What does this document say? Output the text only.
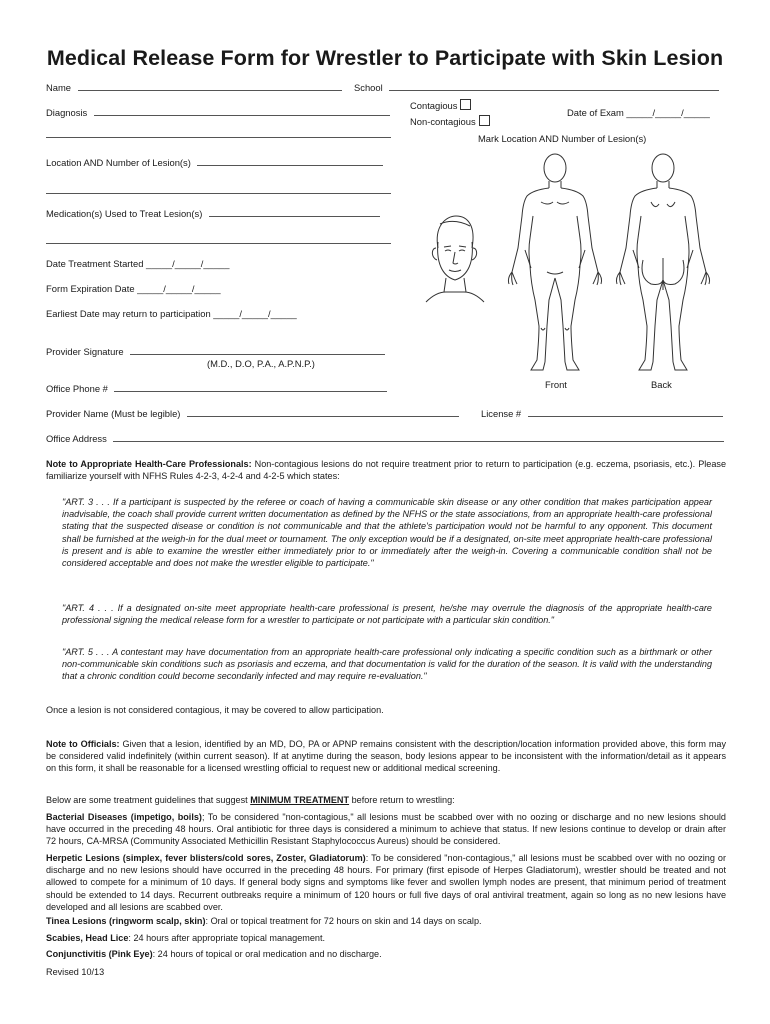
Medical Release Form for Wrestler to Participate with Skin Lesion
Name	School
Diagnosis
Contagious
Non-contagious
Date of Exam _____/_____/_____
Mark Location AND Number of Lesion(s)
Location AND Number of Lesion(s)
Medication(s) Used to Treat Lesion(s)
Date Treatment Started _____/_____/_____
Form Expiration Date _____/_____/_____
Earliest Date may return to participation _____/_____/_____
Provider Signature
(M.D., D.O, P.A., A.P.N.P.)
Office Phone #	Front	Back
Provider Name (Must be legible)	License #
Office Address
Note to Appropriate Health-Care Professionals: Non-contagious lesions do not require treatment prior to return to participation (e.g. eczema, psoriasis, etc.). Please familiarize yourself with NFHS Rules 4-2-3, 4-2-4 and 4-2-5 which states:
"ART. 3 . . . If a participant is suspected by the referee or coach of having a communicable skin disease or any other condition that makes participation appear inadvisable, the coach shall provide current written documentation as defined by the NFHS or the state associations, from an appropriate health-care professional stating that the suspected disease or condition is not communicable and that the athlete's participation would not be harmful to any opponent. This document shall be furnished at the weigh-in for the dual meet or tournament. The only exception would be if a designated, on-site meet appropriate health-care professional is present and is able to examine the wrestler either immediately prior to or immediately after the weigh-in. Covering a communicable condition shall not be considered acceptable and does not make the wrestler eligible to participate."
"ART. 4 . . . If a designated on-site meet appropriate health-care professional is present, he/she may overrule the diagnosis of the appropriate health-care professional signing the medical release form for a wrestler to participate or not participate with a particular skin condition."
"ART. 5 . . . A contestant may have documentation from an appropriate health-care professional only indicating a specific condition such as a birthmark or other non-communicable skin conditions such as psoriasis and eczema, and that documentation is valid for the duration of the season. It is valid with the understanding that a chronic condition could become secondarily infected and may require re-evaluation."
Once a lesion is not considered contagious, it may be covered to allow participation.
Note to Officials: Given that a lesion, identified by an MD, DO, PA or APNP remains consistent with the description/location information provided above, this form may be considered valid indefinitely (within current season). If at anytime during the season, body lesions appear to be inconsistent with the information/detail as it appears on this form, it shall be reasonable for a licensed wrestling official to request new or additional medical screening.
Below are some treatment guidelines that suggest MINIMUM TREATMENT before return to wrestling:
Bacterial Diseases (impetigo, boils); To be considered "non-contagious," all lesions must be scabbed over with no oozing or discharge and no new lesions should have occurred in the preceding 48 hours. Oral antibiotic for three days is considered a minimum to achieve that status. If new lesions continue to develop or drain after 72 hours, CA-MRSA (Community Associated Methicillin Resistant Staphylococcus Aureus) should be considered.
Herpetic Lesions (simplex, fever blisters/cold sores, Zoster, Gladiatorum): To be considered "non-contagious," all lesions must be scabbed over with no oozing or discharge and no new lesions should have occurred in the preceding 48 hours. For primary (first episode of Herpes Gladiatorum), wrestler should be treated and not allowed to compete for a minimum of 10 days. If general body signs and symptoms like fever and swollen lymph nodes are present, that minimum period of treatment should be extended to 14 days. Recurrent outbreaks require a minimum of 120 hours or full five days of oral antiviral treatment, again so long as no new lesions have developed and all lesions are scabbed over.
Tinea Lesions (ringworm scalp, skin): Oral or topical treatment for 72 hours on skin and 14 days on scalp.
Scabies, Head Lice: 24 hours after appropriate topical management.
Conjunctivitis (Pink Eye): 24 hours of topical or oral medication and no discharge.
Revised 10/13
